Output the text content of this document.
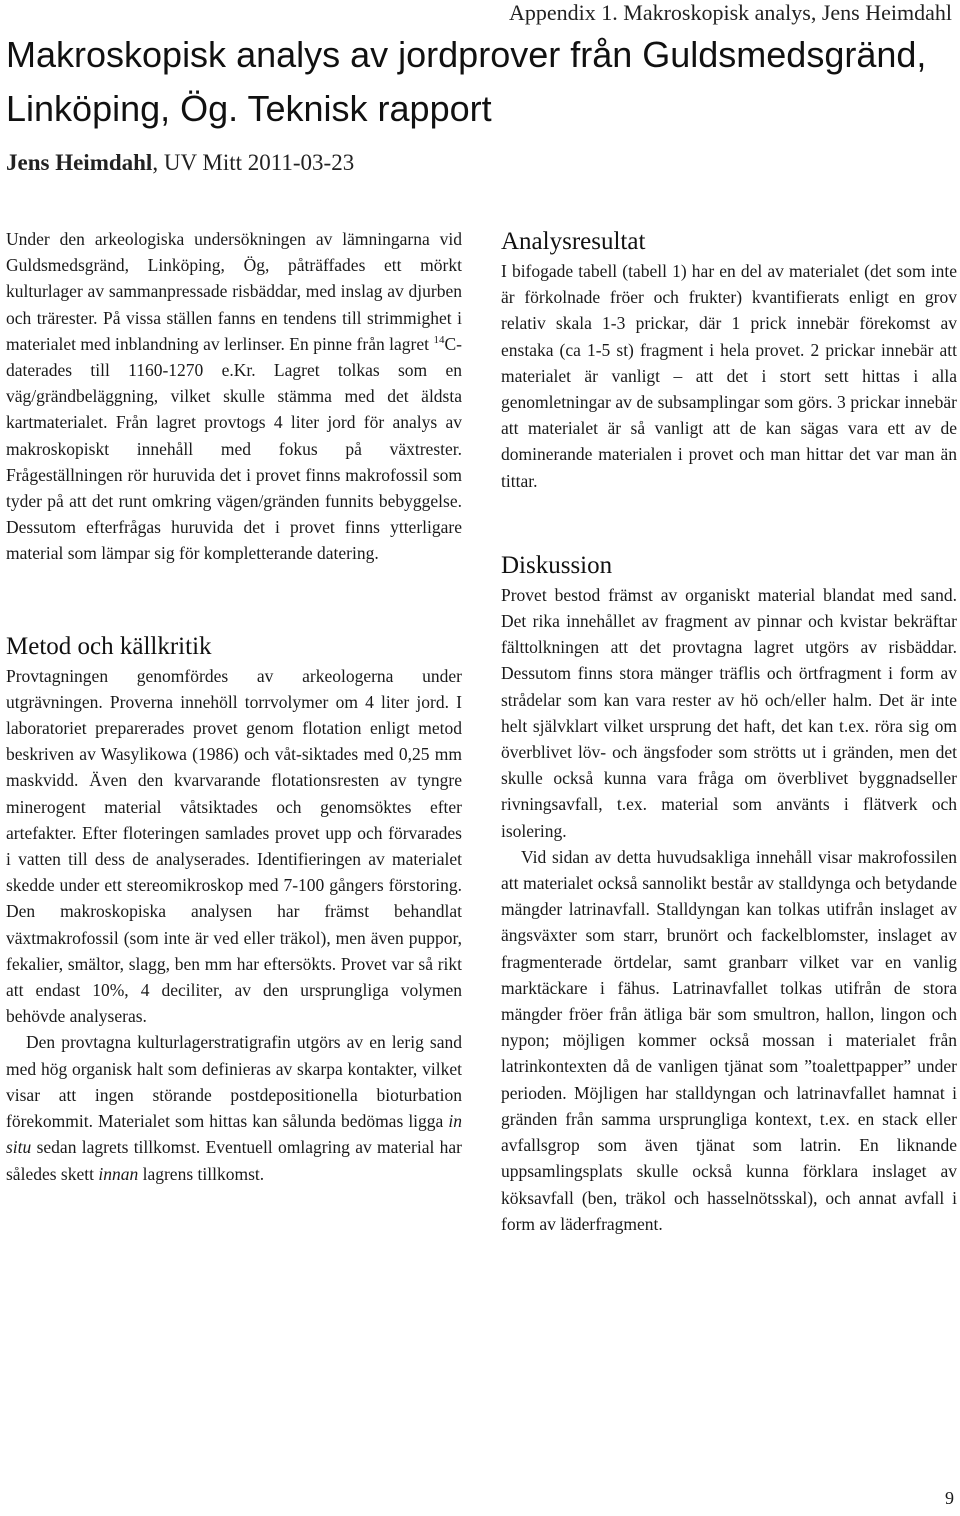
Appendix 1. Makroskopisk analys, Jens Heimdahl
Makroskopisk analys av jordprover från Guldsmedsgränd, Linköping, Ög. Teknisk rapport

Jens Heimdahl, UV Mitt 2011-03-23

Under den arkeologiska undersökningen av lämningarna vid Guldsmedsgränd, Linköping, Ög, påträffades ett mörkt kulturlager av sammanpressade risbäddar, med inslag av djurben och trärester. På vissa ställen fanns en tendens till strimmighet i materialet med inblandning av lerlinser. En pinne från lagret $^{14}$C-daterades till 1160-1270 e.Kr. Lagret tolkas som en väg/grändbeläggning, vilket skulle stämma med det äldsta kartmaterialet. Från lagret provtogs 4 liter jord för analys av makroskopiskt innehåll med fokus på växtrester. Frågeställningen rör huruvida det i provet finns makrofossil som tyder på att det runt omkring vägen/gränden funnits bebyggelse. Dessutom efterfrågas huruvida det i provet finns ytterligare material som lämpar sig för kompletterande datering.

Metod och källkritik

Provtagningen genomfördes av arkeologerna under utgrävningen. Proverna innehöll torrvolymer om 4 liter jord. I laboratoriet preparerades provet genom flotation enligt metod beskriven av Wasylikowa (1986) och våt-siktades med 0,25 mm maskvidd. Även den kvarvarande flotationsresten av tyngre minerogent material våtsiktades och genomsöktes efter artefakter. Efter floteringen samlades provet upp och förvarades i vatten till dess de analyserades. Identifieringen av materialet skedde under ett stereomikroskop med 7-100 gångers förstoring. Den makroskopiska analysen har främst behandlat växtmakrofossil (som inte är ved eller träkol), men även puppor, fekalier, smältor, slagg, ben mm har eftersökts. Provet var så rikt att endast 10%, 4 deciliter, av den ursprungliga volymen behövde analyseras.

Den provtagna kulturlagerstratigrafin utgörs av en lerig sand med hög organisk halt som definieras av skarpa kontakter, vilket visar att ingen störande postdepositionella bioturbation förekommit. Materialet som hittas kan sålunda bedömas ligga in situ sedan lagrets tillkomst. Eventuell omlagring av material har således skett innan lagrens tillkomst.

Analysresultat

I bifogade tabell (tabell 1) har en del av materialet (det som inte är förkolnade fröer och frukter) kvantifierats enligt en grov relativ skala 1-3 prickar, där 1 prick innebär förekomst av enstaka (ca 1-5 st) fragment i hela provet. 2 prickar innebär att materialet är vanligt – att det i stort sett hittas i alla genomletningar av de subsamplingar som görs. 3 prickar innebär att materialet är så vanligt att de kan sägas vara ett av de dominerande materialen i provet och man hittar det var man än tittar.

Diskussion

Provet bestod främst av organiskt material blandat med sand. Det rika innehållet av fragment av pinnar och kvistar bekräftar fälttolkningen att det provtagna lagret utgörs av risbäddar. Dessutom finns stora mänger träflis och örtfragment i form av strådelar som kan vara rester av hö och/eller halm. Det är inte helt självklart vilket ursprung det haft, det kan t.ex. röra sig om överblivet löv- och ängsfoder som strötts ut i gränden, men det skulle också kunna vara fråga om överblivet byggnadseller rivningsavfall, t.ex. material som använts i flätverk och isolering.

Vid sidan av detta huvudsakliga innehåll visar makrofossilen att materialet också sannolikt består av stalldynga och betydande mängder latrinavfall. Stalldyngan kan tolkas utifrån inslaget av ängsväxter som starr, brunört och fackelblomster, inslaget av fragmenterade örtdelar, samt granbarr vilket var en vanlig marktäckare i fähus. Latrinavfallet tolkas utifrån de stora mängder fröer från ätliga bär som smultron, hallon, lingon och nypon; möjligen kommer också mossan i materialet från latrinkontexten då de vanligen tjänat som ”toalettpapper” under perioden. Möjligen har stalldyngan och latrinavfallet hamnat i gränden från samma ursprungliga kontext, t.ex. en stack eller avfallsgrop som även tjänat som latrin. En liknande uppsamlingsplats skulle också kunna förklara inslaget av köksavfall (ben, träkol och hasselnötsskal), och annat avfall i form av läderfragment.

9
